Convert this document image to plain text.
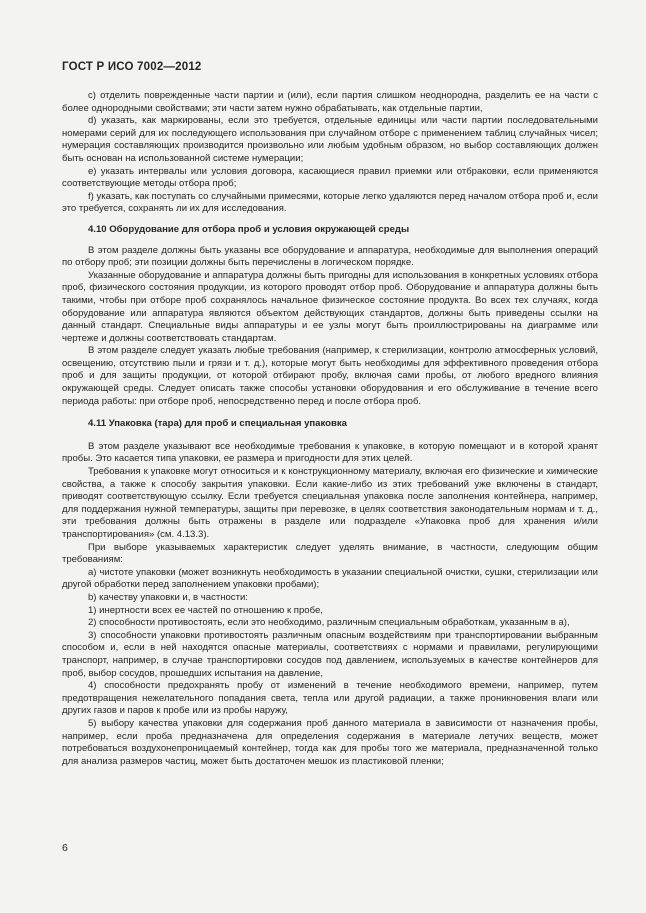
ГОСТ Р ИСО 7002—2012

c) отделить поврежденные части партии и (или), если партия слишком неоднородна, разделить ее на части с более однородными свойствами; эти части затем нужно обрабатывать, как отдельные партии,

d) указать, как маркированы, если это требуется, отдельные единицы или части партии последовательными номерами серий для их последующего использования при случайном отборе с применением таблиц случайных чисел; нумерация составляющих производится произвольно или любым удобным образом, но выбор составляющих должен быть основан на использованной системе нумерации;

e) указать интервалы или условия договора, касающиеся правил приемки или отбраковки, если применяются соответствующие методы отбора проб;

f) указать, как поступать со случайными примесями, которые легко удаляются перед началом отбора проб и, если это требуется, сохранять ли их для исследования.

4.10 Оборудование для отбора проб и условия окружающей среды

В этом разделе должны быть указаны все оборудование и аппаратура, необходимые для выполнения операций по отбору проб; эти позиции должны быть перечислены в логическом порядке.

Указанные оборудование и аппаратура должны быть пригодны для использования в конкретных условиях отбора проб, физического состояния продукции, из которого проводят отбор проб. Оборудование и аппаратура должны быть такими, чтобы при отборе проб сохранялось начальное физическое состояние продукта. Во всех тех случаях, когда оборудование или аппаратура являются объектом действующих стандартов, должны быть приведены ссылки на данный стандарт. Специальные виды аппаратуры и ее узлы могут быть проиллюстрированы на диаграмме или чертеже и должны соответствовать стандартам.

В этом разделе следует указать любые требования (например, к стерилизации, контролю атмосферных условий, освещению, отсутствию пыли и грязи и т. д.), которые могут быть необходимы для эффективного проведения отбора проб и для защиты продукции, от которой отбирают пробу, включая сами пробы, от любого вредного влияния окружающей среды. Следует описать также способы установки оборудования и его обслуживание в течение всего периода работы: при отборе проб, непосредственно перед и после отбора проб.

4.11 Упаковка (тара) для проб и специальная упаковка

В этом разделе указывают все необходимые требования к упаковке, в которую помещают и в которой хранят пробы. Это касается типа упаковки, ее размера и пригодности для этих целей.

Требования к упаковке могут относиться и к конструкционному материалу, включая его физические и химические свойства, а также к способу закрытия упаковки. Если какие-либо из этих требований уже включены в стандарт, приводят соответствующую ссылку. Если требуется специальная упаковка после заполнения контейнера, например, для поддержания нужной температуры, защиты при перевозке, в целях соответствия законодательным нормам и т. д., эти требования должны быть отражены в разделе или подразделе «Упаковка проб для хранения и/или транспортирования» (см. 4.13.3).

При выборе указываемых характеристик следует уделять внимание, в частности, следующим общим требованиям:

а) чистоте упаковки (может возникнуть необходимость в указании специальной очистки, сушки, стерилизации или другой обработки перед заполнением упаковки пробами);

b) качеству упаковки и, в частности:

1) инертности всех ее частей по отношению к пробе,

2) способности противостоять, если это необходимо, различным специальным обработкам, указанным в а),

3) способности упаковки противостоять различным опасным воздействиям при транспортировании выбранным способом и, если в ней находятся опасные материалы, соответствиях с нормами и правилами, регулирующими транспорт, например, в случае транспортировки сосудов под давлением, используемых в качестве контейнеров для проб, выбор сосудов, прошедших испытания на давление,

4) способности предохранять пробу от изменений в течение необходимого времени, например, путем предотвращения нежелательного попадания света, тепла или другой радиации, а также проникновения влаги или других газов и паров к пробе или из пробы наружу,

5) выбору качества упаковки для содержания проб данного материала в зависимости от назначения пробы, например, если проба предназначена для определения содержания в материале летучих веществ, может потребоваться воздухонепроницаемый контейнер, тогда как для пробы того же материала, предназначенной только для анализа размеров частиц, может быть достаточен мешок из пластиковой пленки;

6
